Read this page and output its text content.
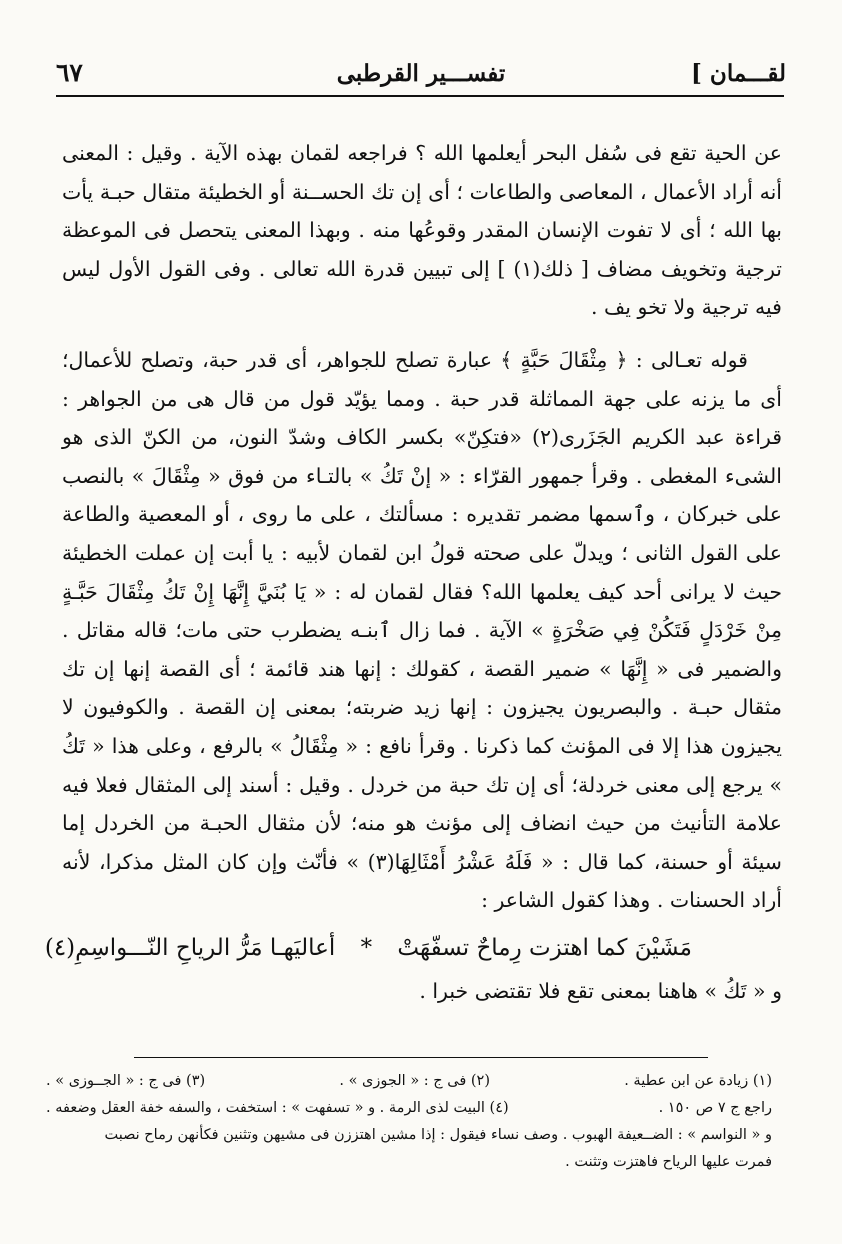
لقـــمان ]
تفســـير القرطبى
٦٧

عن الحية تقع فى سُفل البحر أيعلمها الله ؟ فراجعه لقمان بهذه الآية . وقيل : المعنى أنه أراد الأعمال ، المعاصى والطاعات ؛ أى إن تك الحســنة أو الخطيئة متقال حبـة يأت بها الله ؛ أى لا تفوت الإنسان المقدر وقوعُها منه . وبهذا المعنى يتحصل فى الموعظة ترجية وتخويف مضاف [ ذلك(١) ] إلى تبيين قدرة الله تعالى . وفى القول الأول ليس فيه ترجية ولا تخو يف .

قوله تعـالى : ﴿ مِثْقَالَ حَبَّةٍ ﴾ عبارة تصلح للجواهر، أى قدر حبة، وتصلح للأعمال؛ أى ما يزنه على جهة المماثلة قدر حبة . ومما يؤيّد قول من قال هى من الجواهر : قراءة عبد الكريم الجَزَرى(٢) «فتكِنّ» بكسر الكاف وشدّ النون، من الكنّ الذى هو الشىء المغطى . وقرأ جمهور القرّاء : « إنْ تَكُ » بالتـاء من فوق « مِثْقَالَ » بالنصب على خبركان ، وٱسمها مضمر تقديره : مسألتك ، على ما روى ، أو المعصية والطاعة على القول الثانى ؛ ويدلّ على صحته قولُ ابن لقمان لأبيه : يا أبت إن عملت الخطيئة حيث لا يرانى أحد كيف يعلمها الله؟ فقال لقمان له : « يَا بُنَيَّ إِنَّهَا إِنْ تَكُ مِثْقَالَ حَبَّـةٍ مِنْ خَرْدَلٍ فَتَكُنْ فِي صَخْرَةٍ » الآية . فما زال ٱبنـه يضطرب حتى مات؛ قاله مقاتل . والضمير فى « إِنَّهَا » ضمير القصة ، كقولك : إنها هند قائمة ؛ أى القصة إنها إن تك مثقال حبـة . والبصريون يجيزون : إنها زيد ضربته؛ بمعنى إن القصة . والكوفيون لا يجيزون هذا إلا فى المؤنث كما ذكرنا . وقرأ نافع : « مِثْقَالُ » بالرفع ، وعلى هذا « تَكُ » يرجع إلى معنى خردلة؛ أى إن تك حبة من خردل . وقيل : أسند إلى المثقال فعلا فيه علامة التأنيث من حيث انضاف إلى مؤنث هو منه؛ لأن مثقال الحبـة من الخردل إما سيئة أو حسنة، كما قال : « فَلَهُ عَشْرُ أَمْثَالِهَا(٣) » فأنّث وإن كان المثل مذكرا، لأنه أراد الحسنات . وهذا كقول الشاعر :

مَشَيْنَ كما اهتزت رِماحٌ تسفّهَتْ * أعاليَهـا مَرُّ الرياحِ النّـــواسِمِ(٤)

و « تَكُ » هاهنا بمعنى تقع فلا تقتضى خبرا .

(١) زيادة عن ابن عطية .
(٢) فى ج : « الجوزى » .
(٣) فى ج : « الجــوزى » .
راجع ج ٧ ص ١٥٠ .
(٤) البيت لذى الرمة . و « تسفهت » : استخفت ، والسفه خفة العقل وضعفه .
و « النواسم » : الضــعيفة الهبوب . وصف نساء فيقول : إذا مشين اهتززن فى مشيهن وتثنين فكأنهن رماح نصبت
فمرت عليها الرياح فاهتزت وتثنت .
